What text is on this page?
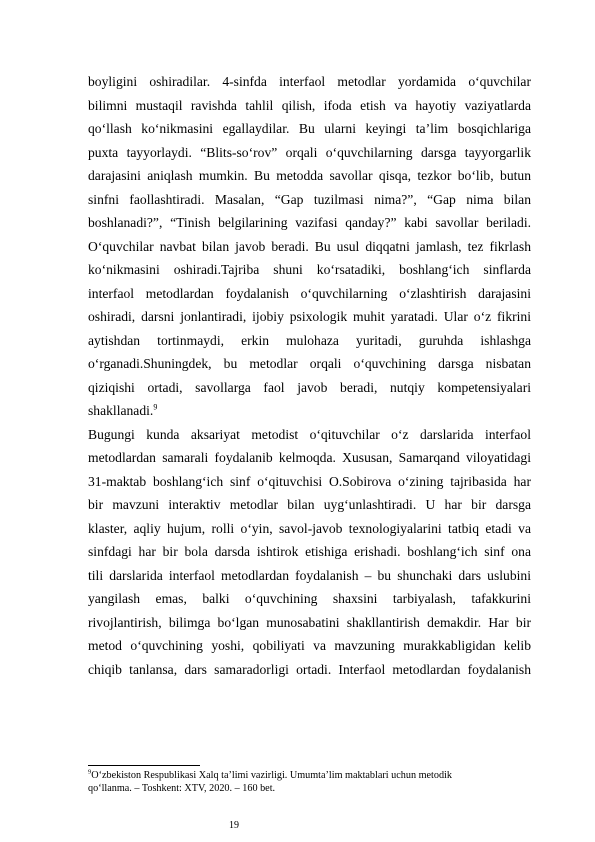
boyligini oshiradilar. 4-sinfda interfaol metodlar yordamida o‘quvchilar
bilimni mustaqil ravishda tahlil qilish, ifoda etish va hayotiy vaziyatlarda
qo‘llash ko‘nikmasini egallaydilar. Bu ularni keyingi ta’lim bosqichlariga
puxta tayyorlaydi. “Blits-so‘rov” orqali o‘quvchilarning darsga tayyorgarlik
darajasini aniqlash mumkin. Bu metodda savollar qisqa, tezkor bo‘lib, butun
sinfni faollashtiradi. Masalan, “Gap tuzilmasi nima?”, “Gap nima bilan
boshlanadi?”, “Tinish belgilarining vazifasi qanday?” kabi savollar beriladi.
O‘quvchilar navbat bilan javob beradi. Bu usul diqqatni jamlash, tez fikrlash
ko‘nikmasini oshiradi.Tajriba shuni ko‘rsatadiki, boshlang‘ich sinflarda
interfaol metodlardan foydalanish o‘quvchilarning o‘zlashtirish darajasini
oshiradi, darsni jonlantiradi, ijobiy psixologik muhit yaratadi. Ular o‘z fikrini
aytishdan tortinmaydi, erkin mulohaza yuritadi, guruhda ishlashga
o‘rganadi.Shuningdek, bu metodlar orqali o‘quvchining darsga nisbatan
qiziqishi ortadi, savollarga faol javob beradi, nutqiy kompetensiyalari
shakllanadi.$^9$
Bugungi kunda aksariyat metodist o‘qituvchilar o‘z darslarida interfaol
metodlardan samarali foydalanib kelmoqda. Xususan, Samarqand viloyatidagi
31-maktab boshlang‘ich sinf o‘qituvchisi O.Sobirova o‘zining tajribasida har
bir mavzuni interaktiv metodlar bilan uyg‘unlashtiradi. U har bir darsga
klaster, aqliy hujum, rolli o‘yin, savol-javob texnologiyalarini tatbiq etadi va
sinfdagi har bir bola darsda ishtirok etishiga erishadi. boshlang‘ich sinf ona
tili darslarida interfaol metodlardan foydalanish – bu shunchaki dars uslubini
yangilash emas, balki o‘quvchining shaxsini tarbiyalash, tafakkurini
rivojlantirish, bilimga bo‘lgan munosabatini shakllantirish demakdir. Har bir
metod o‘quvchining yoshi, qobiliyati va mavzuning murakkabligidan kelib
chiqib tanlansa, dars samaradorligi ortadi. Interfaol metodlardan foydalanish
$^9$O‘zbekiston Respublikasi Xalq ta’limi vazirligi. Umumta’lim maktablari uchun metodik
qo‘llanma. – Toshkent: XTV, 2020. – 160 bet.
19
